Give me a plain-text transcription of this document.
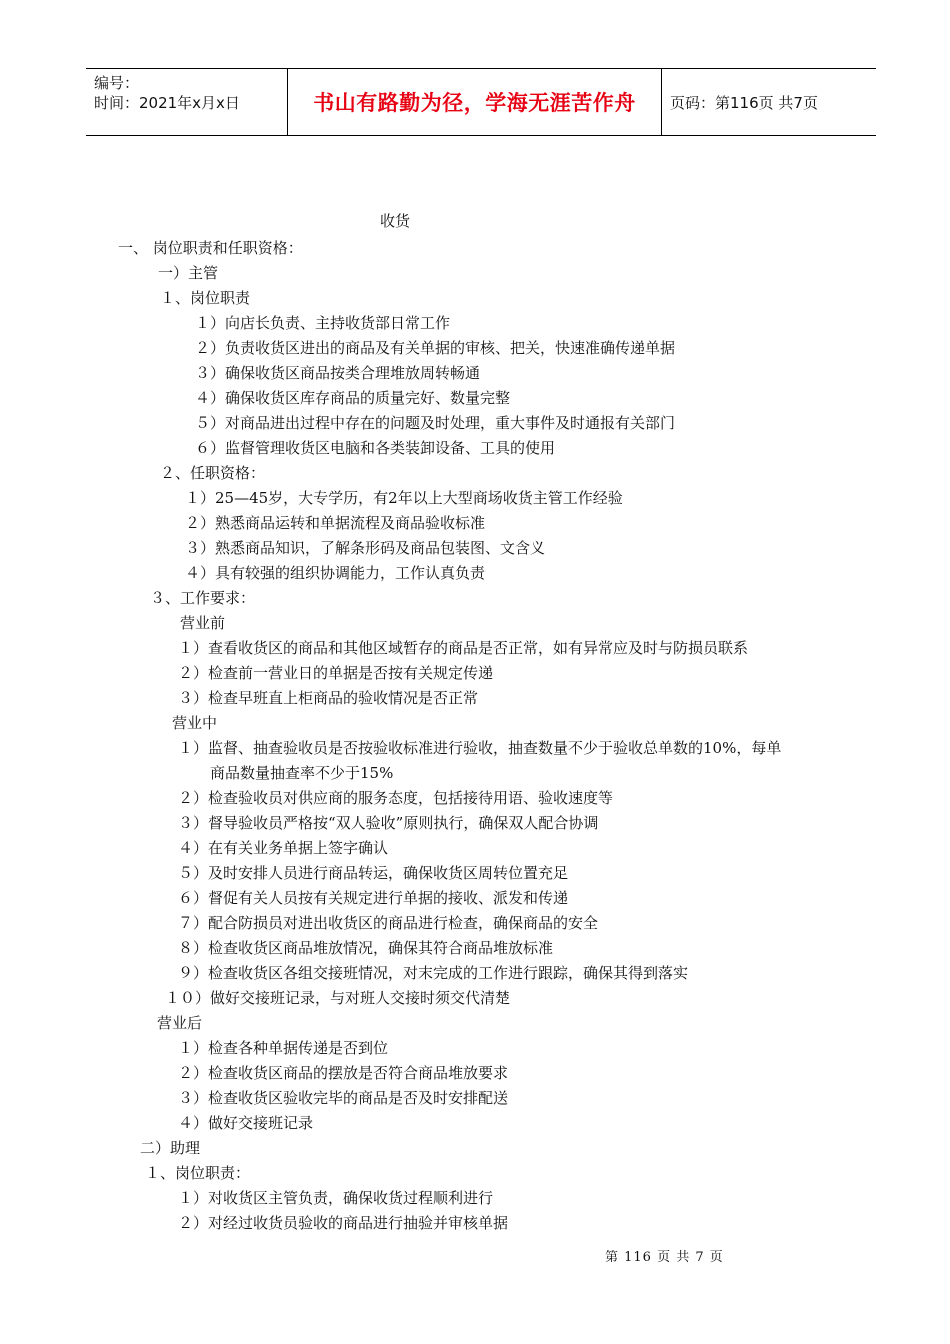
编号：
时间：2021年x月x日	书山有路勤为径，学海无涯苦作舟 页码：第116页 共7页
收货
一、 岗位职责和任职资格：
一）主管
１、岗位职责
１）向店长负责、主持收货部日常工作
２）负责收货区进出的商品及有关单据的审核、把关，快速准确传递单据
３）确保收货区商品按类合理堆放周转畅通
４）确保收货区库存商品的质量完好、数量完整
５）对商品进出过程中存在的问题及时处理，重大事件及时通报有关部门
６）监督管理收货区电脑和各类装卸设备、工具的使用
２、任职资格：
１）25—45岁，大专学历，有2年以上大型商场收货主管工作经验
２）熟悉商品运转和单据流程及商品验收标准
３）熟悉商品知识，了解条形码及商品包装图、文含义
４）具有较强的组织协调能力，工作认真负责
３、工作要求：
营业前
１）查看收货区的商品和其他区域暂存的商品是否正常，如有异常应及时与防损员联系
２）检查前一营业日的单据是否按有关规定传递
３）检查早班直上柜商品的验收情况是否正常
营业中
１）监督、抽查验收员是否按验收标准进行验收，抽查数量不少于验收总单数的10%，每单
商品数量抽查率不少于15%
２）检查验收员对供应商的服务态度，包括接待用语、验收速度等
３）督导验收员严格按“双人验收”原则执行，确保双人配合协调
４）在有关业务单据上签字确认
５）及时安排人员进行商品转运，确保收货区周转位置充足
６）督促有关人员按有关规定进行单据的接收、派发和传递
７）配合防损员对进出收货区的商品进行检查，确保商品的安全
８）检查收货区商品堆放情况，确保其符合商品堆放标准
９）检查收货区各组交接班情况，对末完成的工作进行跟踪，确保其得到落实
１０）做好交接班记录，与对班人交接时须交代清楚
营业后
１）检查各种单据传递是否到位
２）检查收货区商品的摆放是否符合商品堆放要求
３）检查收货区验收完毕的商品是否及时安排配送
４）做好交接班记录
二）助理
１、岗位职责：
１）对收货区主管负责，确保收货过程顺利进行
２）对经过收货员验收的商品进行抽验并审核单据
第 116 页 共 7 页
